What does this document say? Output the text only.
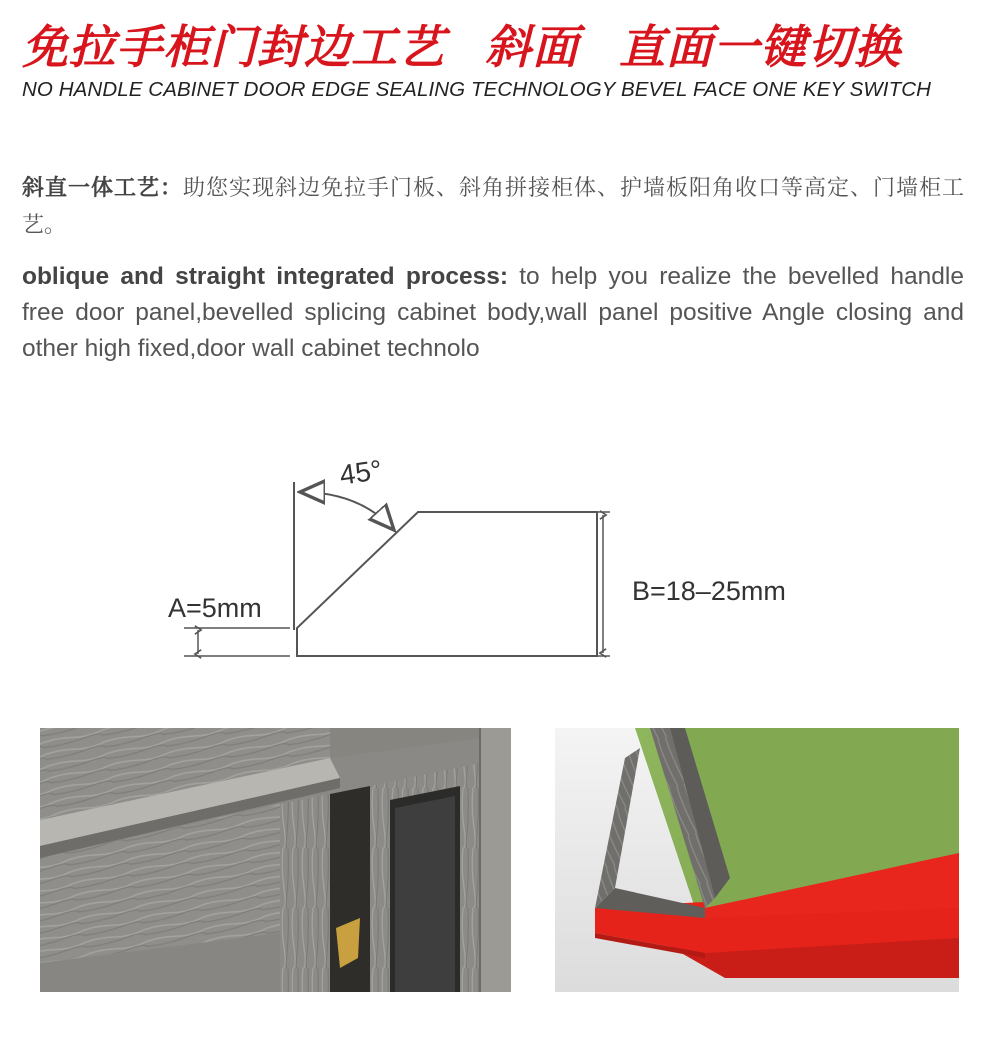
免拉手柜门封边工艺 斜面 直面一键切换
NO HANDLE CABINET DOOR EDGE SEALING TECHNOLOGY BEVEL FACE ONE KEY SWITCH
斜直一体工艺：助您实现斜边免拉手门板、斜角拼接柜体、护墙板阳角收口等高定、门墙柜工艺。
oblique and straight integrated process: to help you realize the bevelled handle free door panel,bevelled splicing cabinet body,wall panel positive Angle closing and other high fixed,door wall cabinet technolo
45°
A=5mm
B=18–25mm
